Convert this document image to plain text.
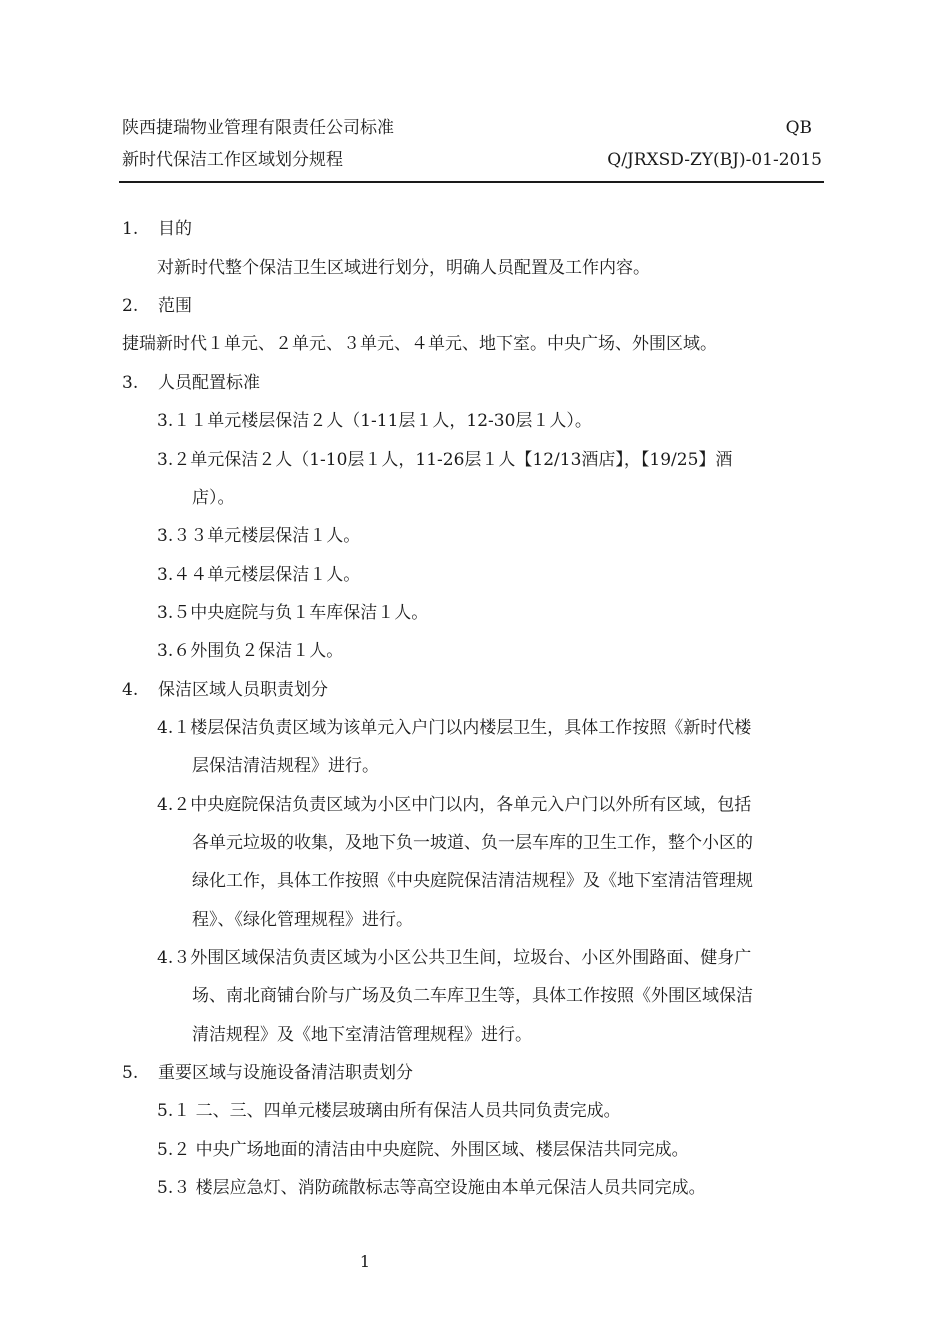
陕西捷瑞物业管理有限责任公司标准
新时代保洁工作区域划分规程
QB
Q/JRXSD-ZY(BJ)-01-2015
1. 目的
对新时代整个保洁卫生区域进行划分，明确人员配置及工作内容。
2. 范围
捷瑞新时代１单元、２单元、３单元、４单元、地下室。中央广场、外围区域。
3. 人员配置标准
3.１１单元楼层保洁２人（1-11层１人，12-30层１人）。
3.２单元保洁２人（1-10层１人，11-26层１人【12/13酒店】，【19/25】酒
店）。
3.３３单元楼层保洁１人。
3.４４单元楼层保洁１人。
3.５中央庭院与负１车库保洁１人。
3.６外围负２保洁１人。
4. 保洁区域人员职责划分
4.１楼层保洁负责区域为该单元入户门以内楼层卫生，具体工作按照《新时代楼
层保洁清洁规程》进行。
4.２中央庭院保洁负责区域为小区中门以内，各单元入户门以外所有区域，包括
各单元垃圾的收集，及地下负一坡道、负一层车库的卫生工作，整个小区的
绿化工作，具体工作按照《中央庭院保洁清洁规程》及《地下室清洁管理规
程》、《绿化管理规程》进行。
4.３外围区域保洁负责区域为小区公共卫生间，垃圾台、小区外围路面、健身广
场、南北商铺台阶与广场及负二车库卫生等，具体工作按照《外围区域保洁
清洁规程》及《地下室清洁管理规程》进行。
5. 重要区域与设施设备清洁职责划分
5.１ 二、三、四单元楼层玻璃由所有保洁人员共同负责完成。
5.２ 中央广场地面的清洁由中央庭院、外围区域、楼层保洁共同完成。
5.３ 楼层应急灯、消防疏散标志等高空设施由本单元保洁人员共同完成。
1
